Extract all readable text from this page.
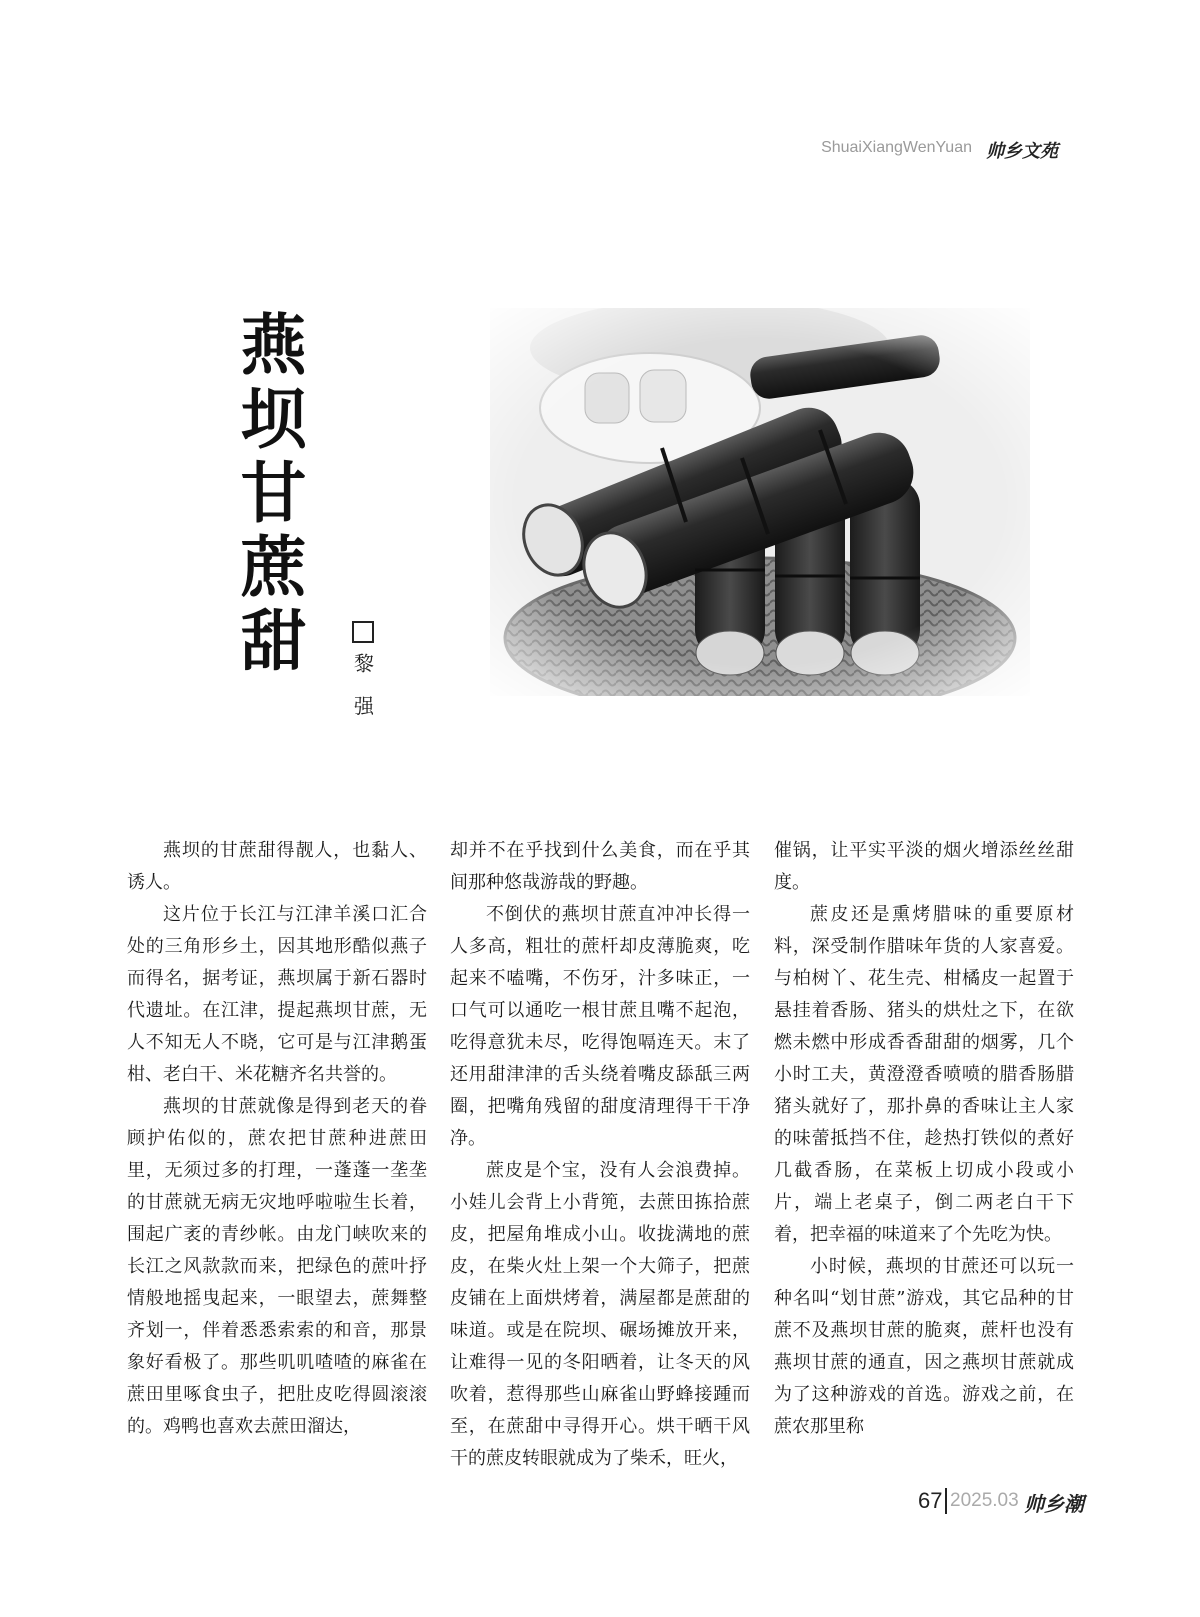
ShuaiXiangWenYuan 帅乡文苑
燕坝甘蔗甜
黎 强

燕坝的甘蔗甜得靓人，也黏人、诱人。

这片位于长江与江津羊溪口汇合处的三角形乡土，因其地形酷似燕子而得名，据考证，燕坝属于新石器时代遗址。在江津，提起燕坝甘蔗，无人不知无人不晓，它可是与江津鹅蛋柑、老白干、米花糖齐名共誉的。

燕坝的甘蔗就像是得到老天的眷顾护佑似的，蔗农把甘蔗种进蔗田里，无须过多的打理，一蓬蓬一垄垄的甘蔗就无病无灾地呼啦啦生长着，围起广袤的青纱帐。由龙门峡吹来的长江之风款款而来，把绿色的蔗叶抒情般地摇曳起来，一眼望去，蔗舞整齐划一，伴着悉悉索索的和音，那景象好看极了。那些叽叽喳喳的麻雀在蔗田里啄食虫子，把肚皮吃得圆滚滚的。鸡鸭也喜欢去蔗田溜达，

却并不在乎找到什么美食，而在乎其间那种悠哉游哉的野趣。

不倒伏的燕坝甘蔗直冲冲长得一人多高，粗壮的蔗杆却皮薄脆爽，吃起来不嗑嘴，不伤牙，汁多味正，一口气可以通吃一根甘蔗且嘴不起泡，吃得意犹未尽，吃得饱嗝连天。末了还用甜津津的舌头绕着嘴皮舔舐三两圈，把嘴角残留的甜度清理得干干净净。

蔗皮是个宝，没有人会浪费掉。小娃儿会背上小背篼，去蔗田拣拾蔗皮，把屋角堆成小山。收拢满地的蔗皮，在柴火灶上架一个大筛子，把蔗皮铺在上面烘烤着，满屋都是蔗甜的味道。或是在院坝、碾场摊放开来，让难得一见的冬阳晒着，让冬天的风吹着，惹得那些山麻雀山野蜂接踵而至，在蔗甜中寻得开心。烘干晒干风干的蔗皮转眼就成为了柴禾，旺火，

催锅，让平实平淡的烟火增添丝丝甜度。

蔗皮还是熏烤腊味的重要原材料，深受制作腊味年货的人家喜爱。与柏树丫、花生壳、柑橘皮一起置于悬挂着香肠、猪头的烘灶之下，在欲燃未燃中形成香香甜甜的烟雾，几个小时工夫，黄澄澄香喷喷的腊香肠腊猪头就好了，那扑鼻的香味让主人家的味蕾抵挡不住，趁热打铁似的煮好几截香肠，在菜板上切成小段或小片，端上老桌子，倒二两老白干下着，把幸福的味道来了个先吃为快。

小时候，燕坝的甘蔗还可以玩一种名叫“划甘蔗”游戏，其它品种的甘蔗不及燕坝甘蔗的脆爽，蔗杆也没有燕坝甘蔗的通直，因之燕坝甘蔗就成为了这种游戏的首选。游戏之前，在蔗农那里称

67 2025.03 帅乡潮
